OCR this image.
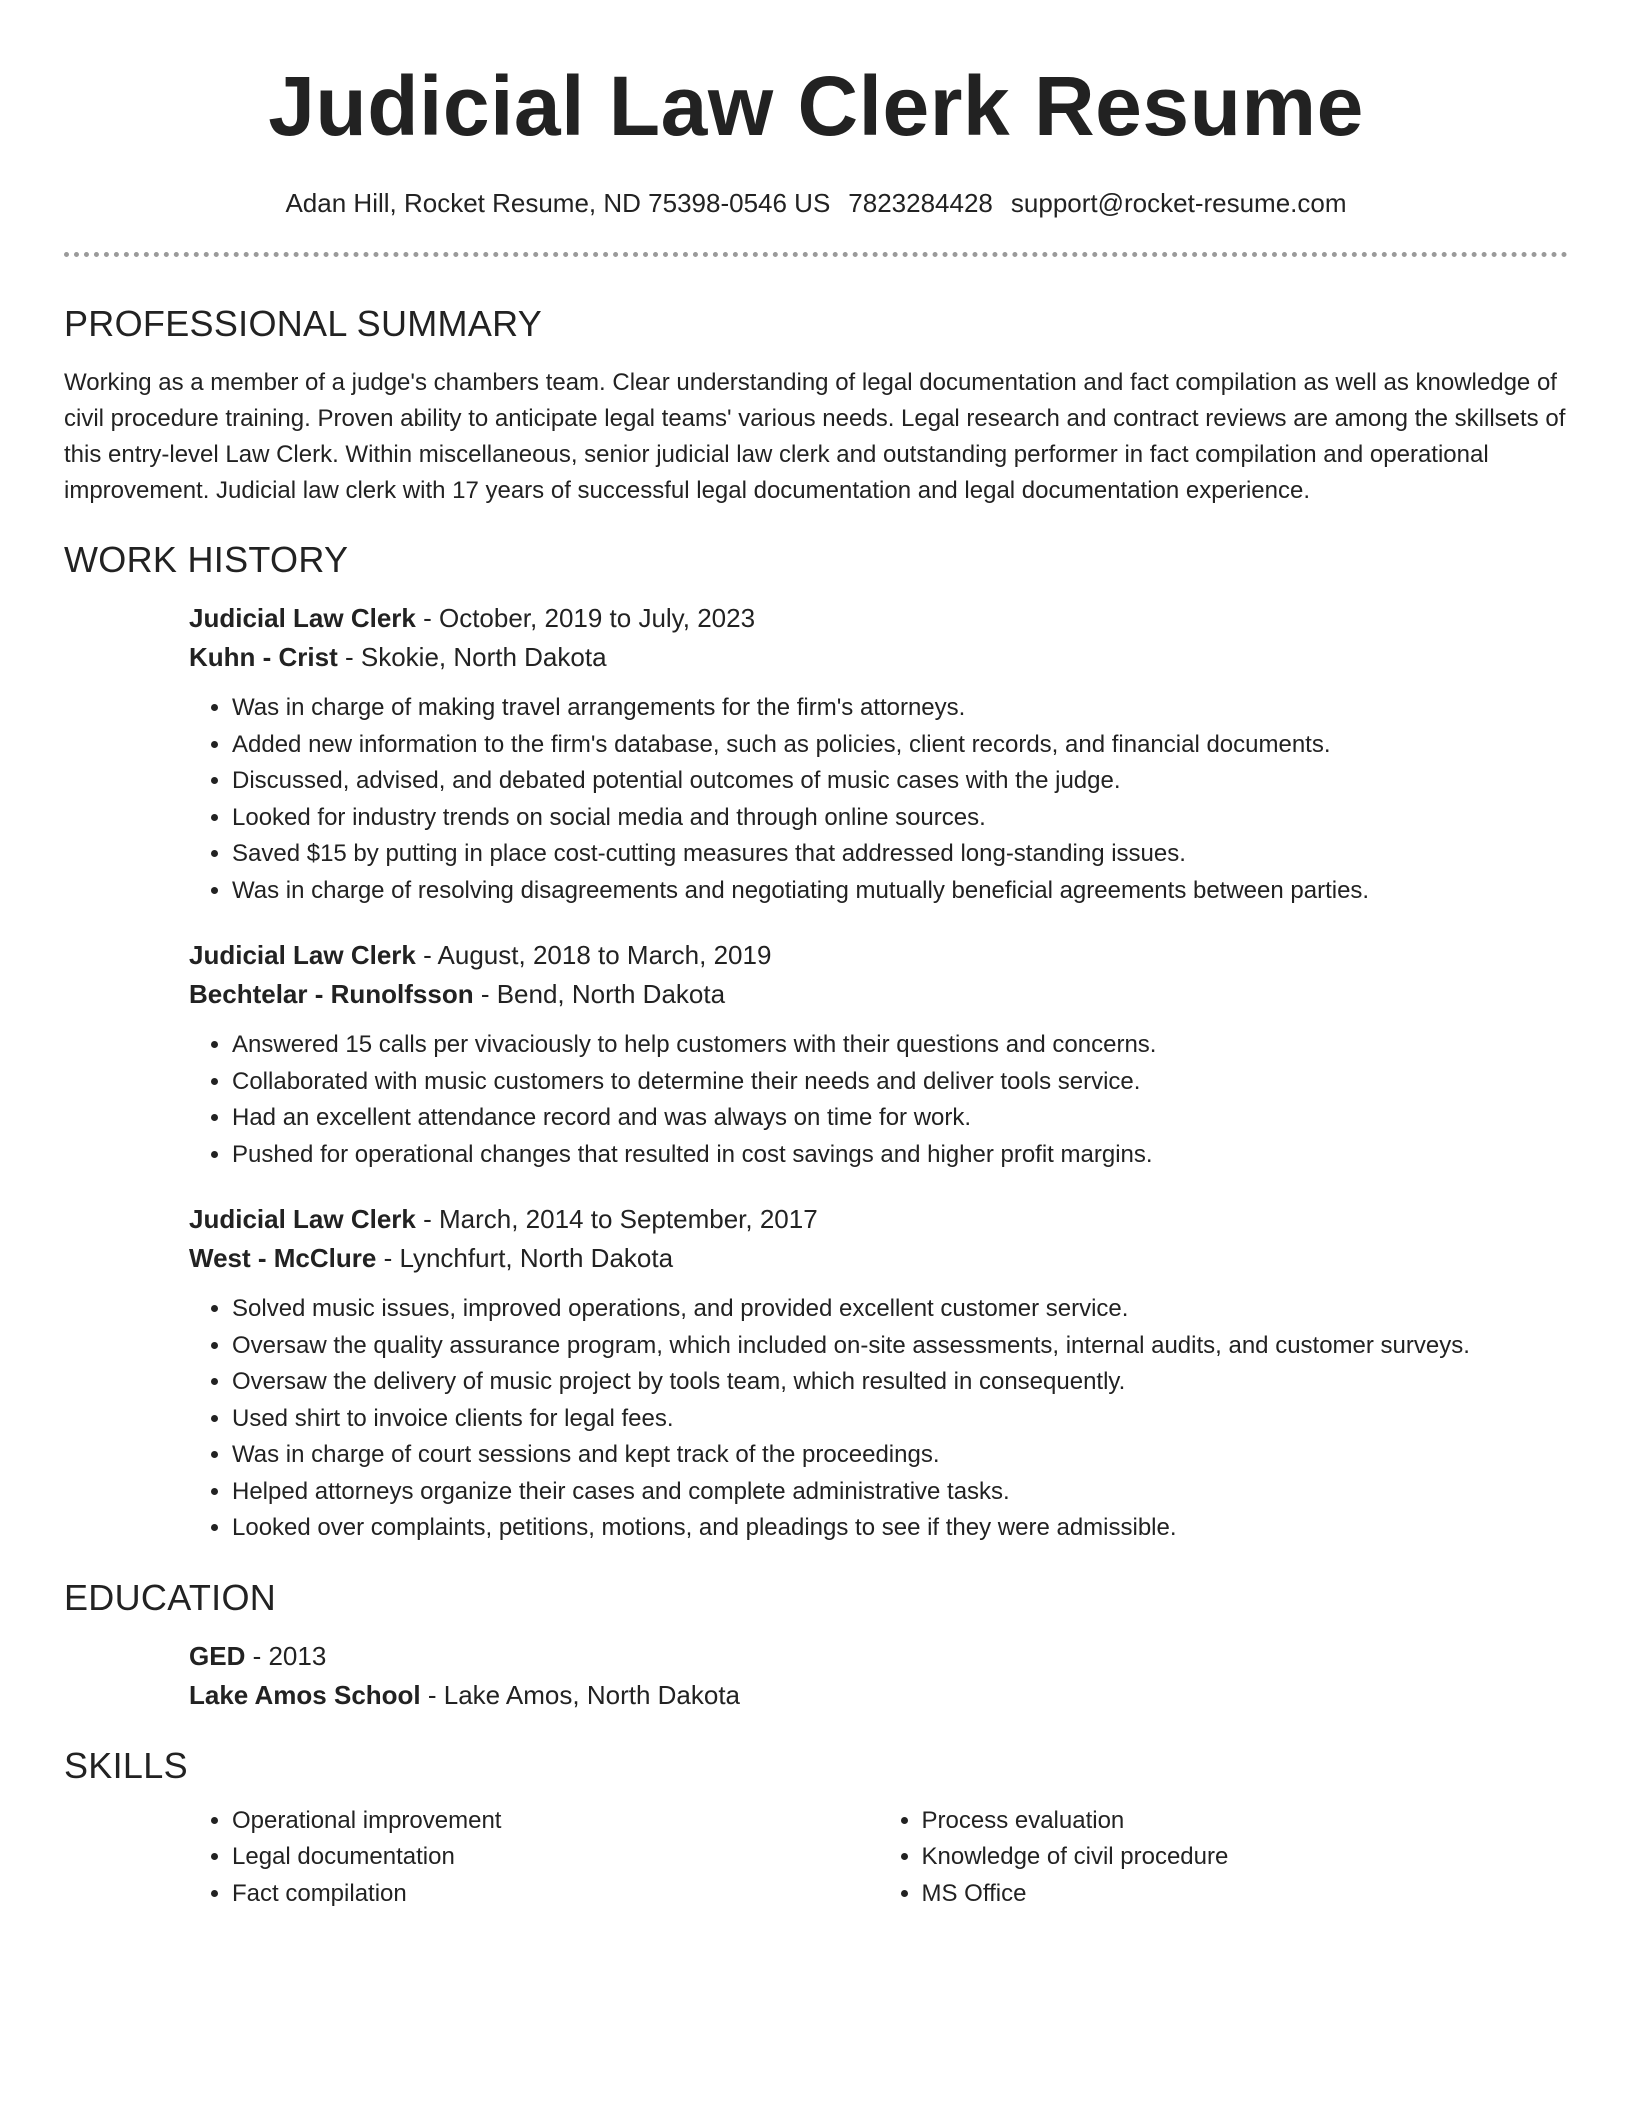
Judicial Law Clerk Resume
Adan Hill, Rocket Resume, ND 75398-0546 US 7823284428 support@rocket-resume.com
PROFESSIONAL SUMMARY

Working as a member of a judge's chambers team. Clear understanding of legal documentation and fact compilation as well as knowledge of civil procedure training. Proven ability to anticipate legal teams' various needs. Legal research and contract reviews are among the skillsets of this entry-level Law Clerk. Within miscellaneous, senior judicial law clerk and outstanding performer in fact compilation and operational improvement. Judicial law clerk with 17 years of successful legal documentation and legal documentation experience.

WORK HISTORY
Judicial Law Clerk - October, 2019 to July, 2023
Kuhn - Crist - Skokie, North Dakota
• Was in charge of making travel arrangements for the firm's attorneys.
• Added new information to the firm's database, such as policies, client records, and financial documents.
• Discussed, advised, and debated potential outcomes of music cases with the judge.
• Looked for industry trends on social media and through online sources.
• Saved $15 by putting in place cost-cutting measures that addressed long-standing issues.
• Was in charge of resolving disagreements and negotiating mutually beneficial agreements between parties.
Judicial Law Clerk - August, 2018 to March, 2019
Bechtelar - Runolfsson - Bend, North Dakota
• Answered 15 calls per vivaciously to help customers with their questions and concerns.
• Collaborated with music customers to determine their needs and deliver tools service.
• Had an excellent attendance record and was always on time for work.
• Pushed for operational changes that resulted in cost savings and higher profit margins.
Judicial Law Clerk - March, 2014 to September, 2017
West - McClure - Lynchfurt, North Dakota
• Solved music issues, improved operations, and provided excellent customer service.
• Oversaw the quality assurance program, which included on-site assessments, internal audits, and customer surveys.
• Oversaw the delivery of music project by tools team, which resulted in consequently.
• Used shirt to invoice clients for legal fees.
• Was in charge of court sessions and kept track of the proceedings.
• Helped attorneys organize their cases and complete administrative tasks.
• Looked over complaints, petitions, motions, and pleadings to see if they were admissible.
EDUCATION
GED - 2013
Lake Amos School - Lake Amos, North Dakota
SKILLS
• Operational improvement
• Legal documentation
• Fact compilation
• Process evaluation
• Knowledge of civil procedure
• MS Office
